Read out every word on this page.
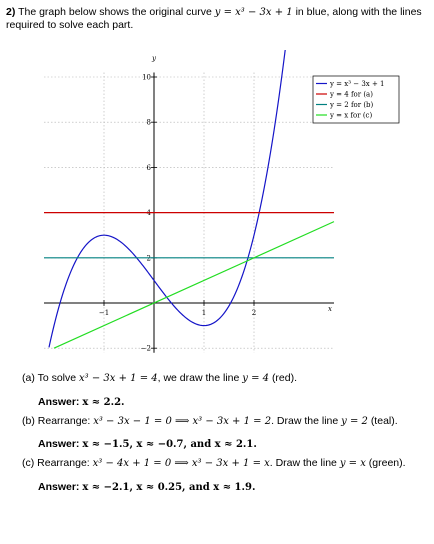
2) The graph below shows the original curve y = x³ − 3x + 1 in blue, along with the lines required to solve each part.
−1	1	2
−2
2
4
6
8
10
x
y
y = x³ − 3x + 1
y = 4 for (a)
y = 2 for (b)
y = x for (c)
(a) To solve x³ − 3x + 1 = 4, we draw the line y = 4 (red).
Answer: x ≈ 2.2.
(b) Rearrange: x³ − 3x − 1 = 0 ⟹ x³ − 3x + 1 = 2. Draw the line y = 2 (teal).
Answer: x ≈ −1.5, x ≈ −0.7, and x ≈ 2.1.
(c) Rearrange: x³ − 4x + 1 = 0 ⟹ x³ − 3x + 1 = x. Draw the line y = x (green).
Answer: x ≈ −2.1, x ≈ 0.25, and x ≈ 1.9.
